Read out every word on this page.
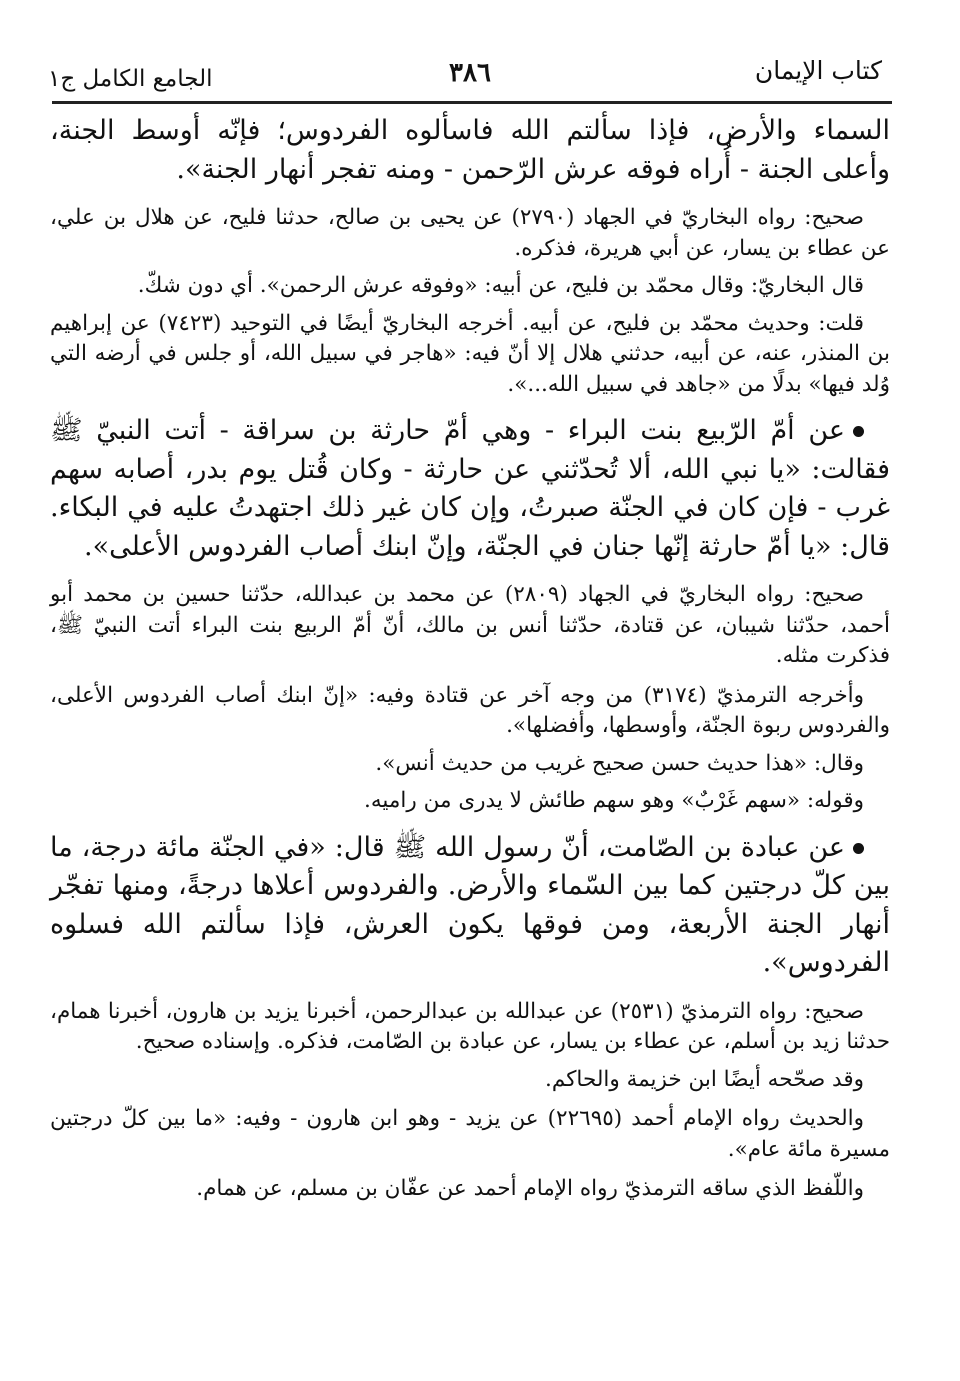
كتاب الإيمان
٣٨٦
الجامع الكامل ج١

السماء والأرض، فإذا سألتم الله فاسألوه الفردوس؛ فإنّه أوسط الجنة، وأعلى الجنة - أُراه فوقه عرش الرّحمن - ومنه تفجر أنهار الجنة».

صحيح: رواه البخاريّ في الجهاد (٢٧٩٠) عن يحيى بن صالح، حدثنا فليح، عن هلال بن علي، عن عطاء بن يسار، عن أبي هريرة، فذكره.

قال البخاريّ: وقال محمّد بن فليح، عن أبيه: «وفوقه عرش الرحمن». أي دون شكّ.

قلت: وحديث محمّد بن فليح، عن أبيه. أخرجه البخاريّ أيضًا في التوحيد (٧٤٢٣) عن إبراهيم بن المنذر، عنه، عن أبيه، حدثني هلال إلا أنّ فيه: «هاجر في سبيل الله، أو جلس في أرضه التي وُلد فيها» بدلًا من «جاهد في سبيل الله...».

عن أمّ الرّبيع بنت البراء - وهي أمّ حارثة بن سراقة - أتت النبيّ ﷺ فقالت: «يا نبي الله، ألا تُحدّثني عن حارثة - وكان قُتل يوم بدر، أصابه سهم غرب - فإن كان في الجنّة صبرتُ، وإن كان غير ذلك اجتهدتُ عليه في البكاء. قال: «يا أمّ حارثة إنّها جنان في الجنّة، وإنّ ابنك أصاب الفردوس الأعلى».

صحيح: رواه البخاريّ في الجهاد (٢٨٠٩) عن محمد بن عبدالله، حدّثنا حسين بن محمد أبو أحمد، حدّثنا شيبان، عن قتادة، حدّثنا أنس بن مالك، أنّ أمّ الربيع بنت البراء أتت النبيّ ﷺ، فذكرت مثله.

وأخرجه الترمذيّ (٣١٧٤) من وجه آخر عن قتادة وفيه: «إنّ ابنك أصاب الفردوس الأعلى، والفردوس ربوة الجنّة، وأوسطها، وأفضلها».

وقال: «هذا حديث حسن صحيح غريب من حديث أنس».

وقوله: «سهم غَرْبٌ» وهو سهم طائش لا يدرى من راميه.

عن عبادة بن الصّامت، أنّ رسول الله ﷺ قال: «في الجنّة مائة درجة، ما بين كلّ درجتين كما بين السّماء والأرض. والفردوس أعلاها درجةً، ومنها تفجّر أنهار الجنة الأربعة، ومن فوقها يكون العرش، فإذا سألتم الله فسلوه الفردوس».

صحيح: رواه الترمذيّ (٢٥٣١) عن عبدالله بن عبدالرحمن، أخبرنا يزيد بن هارون، أخبرنا همام، حدثنا زيد بن أسلم، عن عطاء بن يسار، عن عبادة بن الصّامت، فذكره. وإسناده صحيح.

وقد صحّحه أيضًا ابن خزيمة والحاكم.

والحديث رواه الإمام أحمد (٢٢٦٩٥) عن يزيد - وهو ابن هارون - وفيه: «ما بين كلّ درجتين مسيرة مائة عام».

واللّفظ الذي ساقه الترمذيّ رواه الإمام أحمد عن عفّان بن مسلم، عن همام.
